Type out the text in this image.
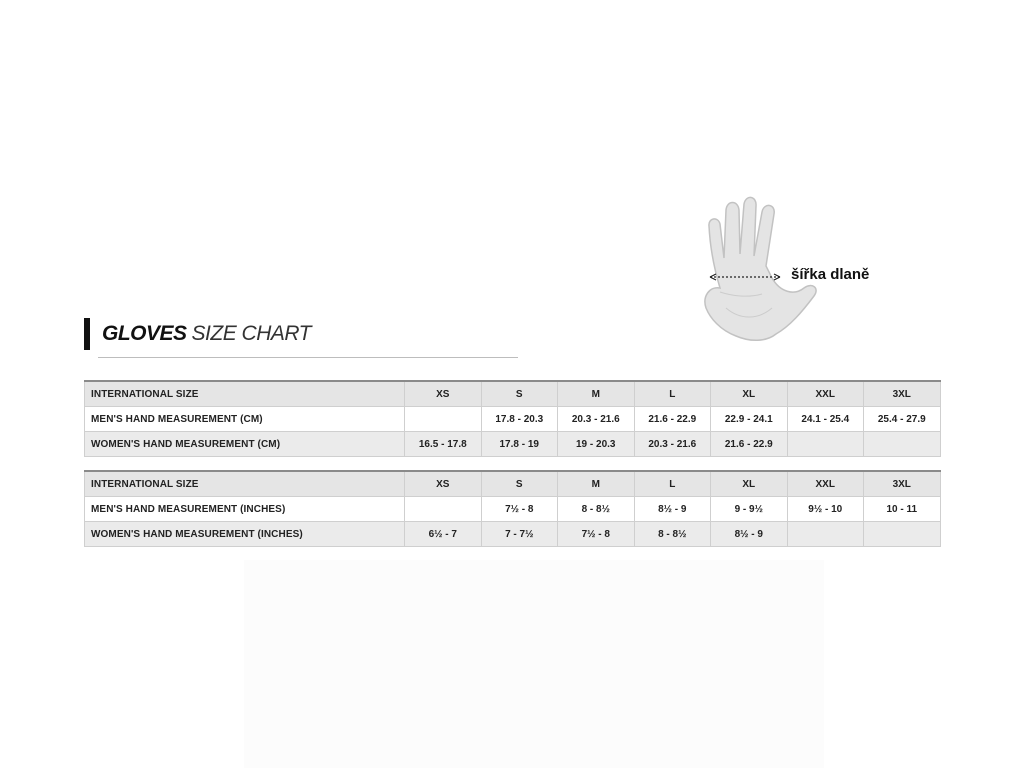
šířka dlaně
GLOVES SIZE CHART
INTERNATIONAL SIZE	XS	S	M	L	XL	XXL	3XL
MEN'S HAND MEASUREMENT (CM)		17.8 - 20.3	20.3 - 21.6	21.6 - 22.9	22.9 - 24.1	24.1 - 25.4	25.4 - 27.9
WOMEN'S HAND MEASUREMENT (CM)	16.5 - 17.8	17.8 - 19	19 - 20.3	20.3 - 21.6	21.6 - 22.9		
INTERNATIONAL SIZE	XS	S	M	L	XL	XXL	3XL
MEN'S HAND MEASUREMENT (INCHES)		7½ - 8	8 - 8½	8½ - 9	9 - 9½	9½ - 10	10 - 11
WOMEN'S HAND MEASUREMENT (INCHES)	6½ - 7	7 - 7½	7½ - 8	8 - 8½	8½ - 9		
